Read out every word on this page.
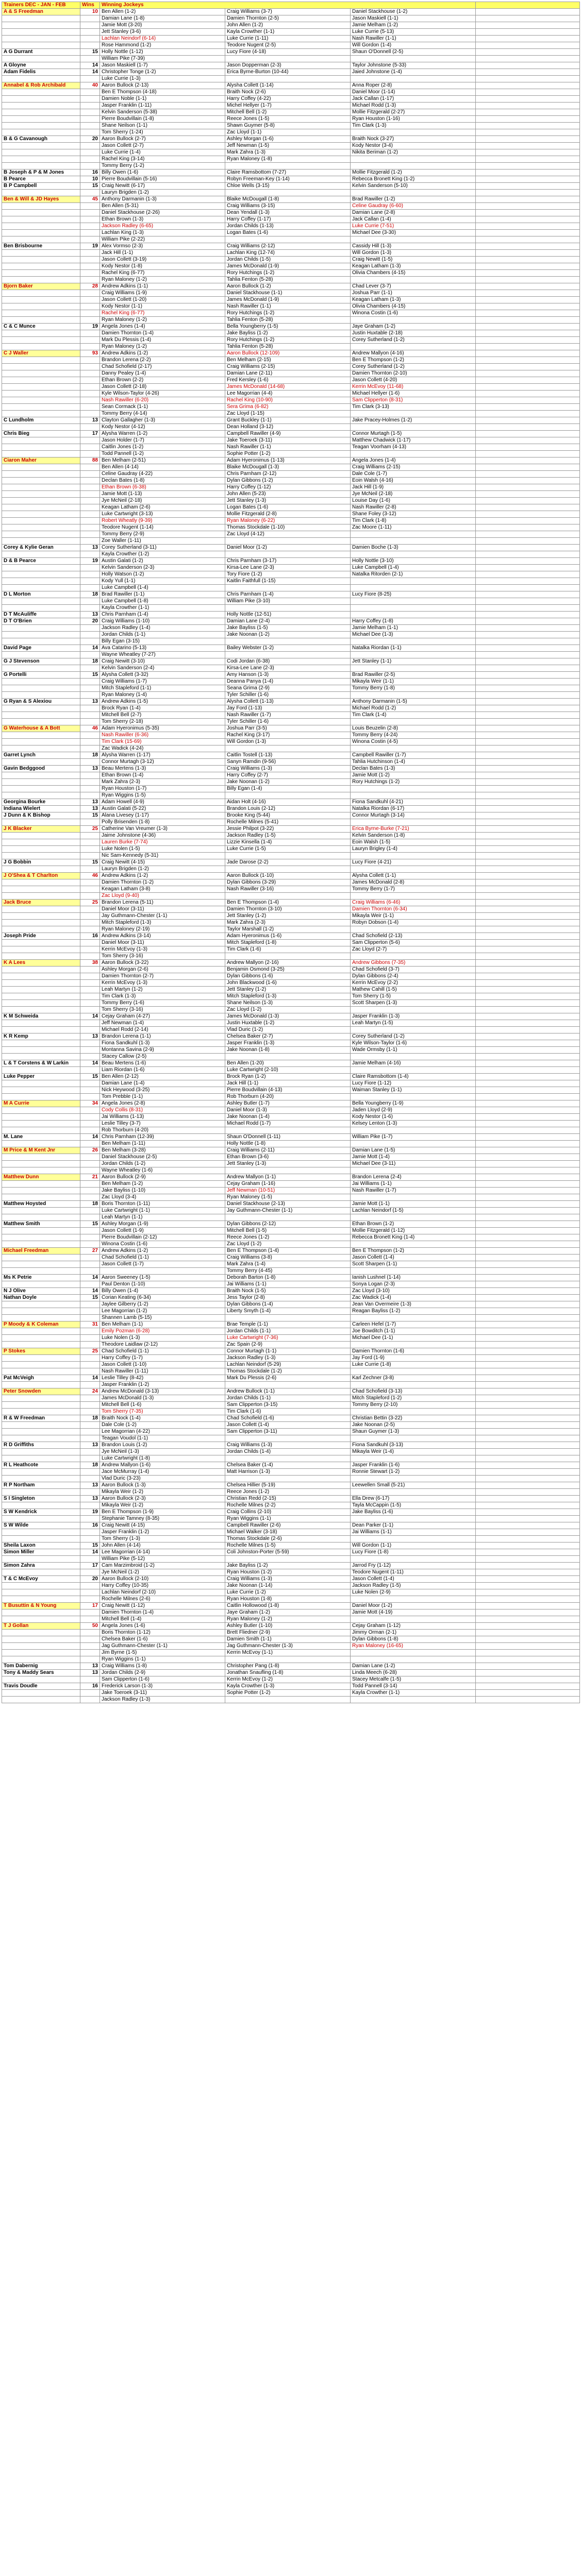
Trainers DEC - JAN - FEB	Wins	Winning Jockeys			
A & S Freedman	10	Ben Allen (1-2)	Craig Williams (3-7)	Daniel Stackhouse (1-2)	
		Damian Lane (1-8)	Damien Thornton (2-5)	Jason Maskiell (1-1)	
		Jamie Mott (3-20)	John Allen (1-2)	Jamie Melham (1-2)	
		Jett Stanley (3-6)	Kayla Crowther (1-1)	Luke Currie (5-13)	
		Lachlan Neindorf (6-14)	Luke Currie (1-11)	Nash Rawiller (1-1)	
		Rose Hammond (1-2)	Teodore Nugent (2-5)	Will Gordon (1-4)	
A G Durrant	15	Holly Nottle (1-12)	Lucy Fiore (4-18)	Shaun O'Donnell (2-5)	
		William Pike (7-39)			
A Gloyne	14	Jason Maskiell (1-7)	Jason Dopperman (2-3)	Taylor Johnstone (5-33)	
Adam Fidelis	14	Christopher Tonge (1-2)	Erica Byrne-Burton (10-44)	Jaied Johnstone (1-4)	
		Luke Currie (1-3)			
Annabel & Rob Archibald	40	Aaron Bullock (2-13)	Alysha Collett (1-14)	Anna Roper (2-8)	
		Ben E Thompson (4-18)	Braith Nock (2-6)	Daniel Moor (1-14)	
		Damien Noble (1-1)	Harry Coffey (4-22)	Jack Callan (1-17)	
		Jasper Franklin (1-11)	Michel Hellyer (1-7)	Michael Rodd (1-3)	
		Kelvin Sanderson (5-38)	Mitchell Bell (1-2)	Mollie Fitzgerald (2-27)	
		Pierre Boudvillain (1-8)	Reece Jones (1-5)	Ryan Houston (1-16)	
		Shane Neilson (1-1)	Shawn Guymer (5-8)	Tim Clark (1-3)	
		Tom Sherry (1-24)	Zac Lloyd (1-1)		
B & G Cavanough	20	Aaron Bullock (2-7)	Ashley Morgan (1-6)	Braith Nock (3-27)	
		Jason Collett (2-7)	Jeff Newman (1-5)	Kody Nestor (3-4)	
		Luke Currie (1-4)	Mark Zahra (1-3)	Nikita Beriman (1-2)	
		Rachel King (3-14)	Ryan Maloney (1-8)		
		Tommy Berry (1-2)			
B Joseph & P & M Jones	16	Billy Owen (1-6)	Claire Ramsbottom (7-27)	Mollie Fitzgerald (1-2)	
B Pearce	10	Pierre Boudvillain (5-16)	Robyn Freeman-Key (1-14)	Rebecca Bronett King (1-2)	
B P Campbell	15	Craig Newitt (6-17)	Chloe Wells (3-15)	Kelvin Sanderson (5-10)	
		Lauryn Brigden (1-2)			
Ben & Will & JD Hayes	45	Anthony Darmanin (1-3)	Blaike McDougall (1-8)	Brad Rawiller (1-2)	
		Ben Allen (5-31)	Craig Williams (3-15)	Celine Gaudray (6-60)	
		Daniel Stackhouse (2-26)	Dean Yendall (1-3)	Damian Lane (2-8)	
		Ethan Brown (1-3)	Harry Coffey (1-17)	Jack Callan (1-4)	
		Jackson Radley (6-65)	Jordan Childs (1-13)	Luke Currie (7-51)	
		Lachlan King (1-3)	Logan Bates (1-6)	Michael Dee (3-30)	
		William Pike (2-22)			
Ben Brisbourne	19	Alex Vormso (2-3)	Craig Williams (2-12)	Cassidy Hill (1-3)	
		Jack Hill (1-1)	Lachlan King (12-74)	Will Gordon (1-3)	
		Jason Collett (3-19)	Jordan Childs (1-5)	Craig Newitt (1-5)	
		Kody Nestor (1-8)	James McDonald (1-9)	Keagan Latham (1-3)	
		Rachel King (6-77)	Rory Hutchings (1-2)	Olivia Chambers (4-15)	
		Ryan Maloney (1-2)	Tahlia Fenton (5-28)		
Bjorn Baker	28	Andrew Adkins (1-1)	Aaron Bullock (1-2)	Chad Lever (3-7)	
		Craig Williams (1-9)	Daniel Stackhouse (1-1)	Joshua Parr (1-1)	
		Jason Collett (1-20)	James McDonald (1-9)	Keagan Latham (1-3)	
		Kody Nestor (1-1)	Nash Rawiller (1-1)	Olivia Chambers (4-15)	
		Rachel King (6-77)	Rory Hutchings (1-2)	Winona Costin (1-6)	
		Ryan Maloney (1-2)	Tahlia Fenton (5-28)		
C & C Munce	19	Angela Jones (1-4)	Bella Youngberry (1-5)	Jaye Graham (1-2)	
		Damien Thornton (1-4)	Jake Bayliss (1-2)	Justin Huxtable (2-18)	
		Mark Du Plessis (1-4)	Rory Hutchings (1-2)	Corey Sutherland (1-2)	
		Ryan Maloney (1-2)	Tahlia Fenton (5-28)		
C J Waller	93	Andrew Adkins (1-2)	Aaron Bullock (12-109)	Andrew Mallyon (4-16)	
		Brandon Lerena (2-2)	Ben Melham (2-15)	Ben E Thompson (1-2)	
		Chad Schofield (2-17)	Craig Williams (2-15)	Corey Sutherland (1-2)	
		Danny Pealey (1-4)	Damian Lane (2-11)	Damien Thornton (2-10)	
		Ethan Brown (2-2)	Fred Kersley (1-6)	Jason Collett (4-20)	
		Jason Collett (2-18)	James McDonald (14-68)	Kerrin McEvoy (11-68)	
		Kyle Wilson-Taylor (4-26)	Lee Magorrian (4-4)	Michael Hellyer (1-6)	
		Nash Rawiller (6-20)	Rachel King (10-90)	Sam Clipperton (8-31)	
		Sean Cormack (1-1)	Sera Grima (6-82)	Tim Clark (3-13)	
		Tommy Berry (4-14)	Zac Lloyd (1-15)		
C Lundholm	13	Clayton Gallagher (1-3)	Grant Buckley (1-1)	Jake Pracey-Holmes (1-2)	
		Kody Nestor (4-12)	Dean Holland (3-12)		
Chris Bieg	17	Alysha Warren (1-2)	Campbell Rawiller (4-9)	Connor Murtagh (1-5)	
		Jason Holder (1-7)	Jake Toeroek (3-11)	Matthew Chadwick (1-17)	
		Caitlin Jones (1-2)	Nash Rawiller (1-1)	Teagan Voorham (4-13)	
		Todd Pannell (1-2)	Sophie Potter (1-2)		
Ciaron Maher	88	Ben Melham (2-51)	Adam Hyeronimus (1-13)	Angela Jones (1-4)	
		Ben Allen (4-14)	Blaike McDougall (1-3)	Craig Williams (2-15)	
		Celine Gaudray (4-22)	Chris Parnham (2-12)	Dale Cole (1-7)	
		Declan Bates (1-8)	Dylan Gibbons (1-2)	Eoin Walsh (4-16)	
		Ethan Brown (6-38)	Harry Coffey (1-12)	Jack Hill (1-9)	
		Jamie Mott (1-13)	John Allen (5-23)	Jye McNeil (2-18)	
		Jye McNeil (2-18)	Jett Stanley (1-3)	Louise Day (1-6)	
		Keagan Latham (2-6)	Logan Bates (1-6)	Nash Rawiller (2-8)	
		Luke Cartwright (3-13)	Mollie Fitzgerald (2-8)	Shane Foley (3-12)	
		Robert Wheatly (9-39)	Ryan Maloney (6-22)	Tim Clark (1-8)	
		Teodore Nugent (1-14)	Thomas Stockdale (1-10)	Zac Moore (1-11)	
		Tommy Berry (2-9)	Zac Lloyd (4-12)		
		Zoe Waller (1-11)			
Corey & Kylie Geran	13	Corey Sutherland (3-11)	Daniel Moor (1-2)	Damien Boche (1-3)	
		Kayla Crowther (1-2)			
D & B Pearce	19	Austin Galati (1-2)	Chris Parnham (3-17)	Holly Nottle (3-10)	
		Kelvin Sanderson (2-3)	Kirsa-Lee Lane (2-3)	Luke Campbell (1-4)	
		Holly Watson (1-2)	Tory Fiore (1-2)	Natalka Ritorden (2-1)	
		Kody Yull (1-1)	Kaitlin Faithfull (1-15)		
		Luke Campbell (1-4)			
D L Morton	18	Brad Rawiller (1-1)	Chris Parnham (1-4)	Lucy Fiore (8-25)	
		Luke Campbell (1-8)	William Pike (3-10)		
		Kayla Crowther (1-1)			
D T McAuliffe	13	Chris Parnham (1-4)	Holly Nottle (12-51)		
D T O'Brien	20	Craig Williams (1-10)	Damian Lane (2-4)	Harry Coffey (1-8)	
		Jackson Radley (1-4)	Jake Bayliss (1-5)	Jamie Melham (1-1)	
		Jordan Childs (1-1)	Jake Noonan (1-2)	Michael Dee (1-3)	
		Billy Egan (3-15)			
David Page	14	Ava Catarino (5-13)	Bailey Webster (1-2)	Natalka Riordan (1-1)	
		Wayne Wheatley (7-27)			
G J Stevenson	18	Craig Newitt (3-10)	Codi Jordan (6-38)	Jett Stanley (1-1)	
		Kelvin Sanderson (2-4)	Kirsa-Lee Lane (2-3)		
G Portelli	15	Alysha Collett (3-32)	Amy Hanson (1-3)	Brad Rawiller (2-5)	
		Craig Williams (1-7)	Deanna Panya (1-4)	Mikayla Weir (1-1)	
		Mitch Stapleford (1-1)	Seana Grima (2-9)	Tommy Berry (1-8)	
		Ryan Maloney (1-4)	Tyler Schiller (1-6)		
G Ryan & S Alexiou	13	Andrew Adkins (1-5)	Alysha Collett (1-13)	Anthony Darmanin (1-5)	
		Brock Ryan (1-4)	Jay Ford (1-13)	Michael Rodd (1-2)	
		Mitchell Bell (2-7)	Nash Rawiller (1-7)	Tim Clark (1-4)	
		Tom Sherry (2-18)	Tyler Schiller (1-6)		
G Waterhouse & A Bott	46	Adam Hyeronimus (5-35)	Joshua Parr (3-5)	Louis Beuzelin (2-8)	
		Nash Rawiller (6-36)	Rachel King (3-17)	Tommy Berry (4-24)	
		Tim Clark (15-69)	Will Gordon (1-3)	Winona Costin (4-5)	
		Zac Wadick (4-24)			
Garret Lynch	18	Alysha Warren (1-17)	Caitlin Tostell (1-13)	Campbell Rawiller (1-7)	
		Connor Murtagh (3-12)	Sanyn Ramdin (9-56)	Tahlia Hutchinson (1-4)	
Gavin Bedggood	13	Beau Mertens (1-3)	Craig Williams (1-3)	Declan Bates (1-3)	
		Ethan Brown (1-4)	Harry Coffey (2-7)	Jamie Mott (1-2)	
		Mark Zahra (2-3)	Jake Noonan (1-2)	Rory Hutchings (1-2)	
		Ryan Houston (1-7)	Billy Egan (1-4)		
		Ryan Wiggins (1-5)			
Georgina Bourke	13	Adam Howell (4-9)	Aidan Holt (4-16)	Fiona Sandkuhl (4-21)	
Indiana Wielert	13	Austin Galati (5-22)	Brandon Louis (2-12)	Natalka Riordan (6-17)	
J Dunn & K Bishop	15	Alana Livesey (1-17)	Brooke King (5-44)	Connor Murtagh (3-14)	
		Polly Brisenden (1-8)	Rochelle Milnes (5-41)		
J K Blacker	25	Catherine Van Vreumer (1-3)	Jessie Philpot (3-22)	Erica Byrne-Burke (7-21)	
		Jaime Johnstone (4-36)	Jackson Radley (1-5)	Kelvin Sanderson (1-8)	
		Lauren Burke (7-74)	Lizzie Kinsella (1-4)	Eoin Walsh (1-5)	
		Luke Nolen (1-5)	Luke Currie (1-5)	Lauryn Brigley (1-4)	
		Nic Sam-Kennedy (5-31)			
J G Bobbin	15	Craig Newitt (4-15)	Jade Darose (2-2)	Lucy Fiore (4-21)	
		Lauryn Brigden (1-2)			
J O'Shea & T Charlton	46	Andrew Adkins (1-2)	Aaron Bullock (1-10)	Alysha Collett (1-1)	
		Damien Thornton (1-2)	Dylan Gibbons (3-29)	James McDonald (2-8)	
		Keagan Latham (3-8)	Nash Rawiller (3-16)	Tommy Berry (1-7)	
		Zac Lloyd (9-40)			
Jack Bruce	25	Brandon Lerena (5-11)	Ben E Thompson (1-4)	Craig Williams (6-46)	
		Daniel Moor (3-11)	Damien Thornton (3-10)	Damien Thornton (6-34)	
		Jay Guthmann-Chester (1-1)	Jett Stanley (1-2)	Mikayla Weir (1-1)	
		Mitch Stapleford (1-3)	Mark Zahra (2-3)	Robyn Dobson (1-4)	
		Ryan Maloney (2-19)	Taylor Marshall (1-2)		
Joseph Pride	16	Andrew Adkins (3-14)	Adam Hyeronimus (1-6)	Chad Schofield (2-13)	
		Daniel Moor (3-11)	Mitch Stapleford (1-8)	Sam Clipperton (5-6)	
		Kerrin McEvoy (1-3)	Tim Clark (1-6)	Zac Lloyd (2-7)	
		Tom Sherry (3-16)			
K A Lees	38	Aaron Bullock (3-22)	Andrew Mallyon (2-16)	Andrew Gibbons (7-35)	
		Ashley Morgan (2-6)	Benjamin Osmond (3-25)	Chad Schofield (3-7)	
		Damien Thornton (2-7)	Dylan Gibbons (1-6)	Dylan Gibbons (2-4)	
		Kerrin McEvoy (1-3)	John Blackwood (1-6)	Kerrin McEvoy (2-2)	
		Leah Martyn (1-2)	Jett Stanley (1-2)	Mathew Cahill (1-5)	
		Tim Clark (1-3)	Mitch Stapleford (1-3)	Tom Sherry (1-5)	
		Tommy Berry (1-6)	Shane Neilson (1-3)	Scott Sharpen (1-3)	
		Tom Sherry (3-16)	Zac Lloyd (1-2)		
K M Schweida	14	Cejay Graham (4-27)	James McDonald (1-3)	Jasper Franklin (1-3)	
		Jeff Newman (1-4)	Justin Huxtable (1-2)	Leah Martyn (1-5)	
		Michael Rodd (2-14)	Vlad Duric (1-2)		
K R Kemp	13	Brandon Lerena (1-1)	Chelsea Baker (2-7)	Corey Sutherland (1-2)	
		Fiona Sandkuhl (1-3)	Jasper Franklin (1-3)	Kyle Wilson-Taylor (1-6)	
		Montanna Savina (2-9)	Jake Noonan (1-8)	Wade Ormsby (1-1)	
		Stacey Callow (2-5)			
L & T Corstens & W Larkin	14	Beau Mertens (1-6)	Ben Allen (1-20)	Jamie Melham (4-16)	
		Liam Riordan (1-6)	Luke Cartwright (2-10)		
Luke Pepper	15	Ben Allen (2-12)	Brock Ryan (1-2)	Claire Ramsbottom (1-4)	
		Damian Lane (1-4)	Jack Hill (1-1)	Lucy Fiore (1-12)	
		Nick Heywood (3-25)	Pierre Boudvillain (4-13)	Waiman Stanley (1-1)	
		Tom Prebble (1-1)	Rob Thorburn (4-20)		
M A Currie	34	Angela Jones (2-8)	Ashley Butler (1-7)	Bella Youngberry (1-9)	
		Cody Collis (8-31)	Daniel Moor (1-3)	Jaden Lloyd (2-9)	
		Jai Williams (1-13)	Jake Noonan (1-4)	Kody Nestor (1-6)	
		Leslie Tilley (3-7)	Michael Rodd (1-7)	Kelsey Lenton (1-3)	
		Rob Thorburn (4-20)			
M. Lane	14	Chris Parnham (12-39)	Shaun O'Donnell (1-11)	William Pike (1-7)	
		Ben Melham (1-11)	Holly Nottle (1-8)		
M Price & M Kent Jnr	26	Ben Melham (3-28)	Craig Williams (2-11)	Damian Lane (1-5)	
		Daniel Stackhouse (2-5)	Ethan Brown (3-6)	Jamie Mott (1-4)	
		Jordan Childs (1-2)	Jett Stanley (1-3)	Michael Dee (3-11)	
		Wayne Wheatley (1-6)			
Matthew Dunn	21	Aaron Bullock (2-9)	Andrew Mallyon (1-1)	Brandon Lerena (2-4)	
		Ben Melham (1-2)	Cejay Graham (1-16)	Jai Williams (1-1)	
		Jake Bayliss (1-10)	Jeff Newman (10-51)	Nash Rawiller (1-7)	
		Zac Lloyd (3-4)	Ryan Maloney (1-5)		
Matthew Hoysted	18	Boris Thornton (1-11)	Daniel Stackhouse (2-13)	Jamie Mott (1-1)	
		Luke Cartwright (1-1)	Jay Guthmann-Chester (1-1)	Lachlan Neindorf (1-5)	
		Leah Martyn (1-1)			
Matthew Smith	15	Ashley Morgan (1-9)	Dylan Gibbons (2-12)	Ethan Brown (1-2)	
		Jason Collett (1-9)	Mitchell Bell (1-5)	Mollie Fitzgerald (1-12)	
		Pierre Boudvillain (2-12)	Reece Jones (1-2)	Rebecca Bronett King (1-4)	
		Winona Costin (1-6)	Zac Lloyd (1-2)		
Michael Freedman	27	Andrew Adkins (1-2)	Ben E Thompson (1-4)	Ben E Thompson (1-2)	
		Chad Schofield (1-1)	Craig Williams (3-8)	Jason Collett (1-4)	
		Jason Collett (1-7)	Mark Zahra (1-4)	Scott Sharpen (1-1)	
			Tommy Berry (4-45)		
Ms K Petrie	14	Aaron Sweeney (1-5)	Deborah Barton (1-8)	Ianish Lushnel (1-14)	
		Paul Denton (1-10)	Jai Williams (1-1)	Sonya Logan (2-3)	
N J Olive	14	Billy Owen (1-4)	Braith Nock (1-5)	Zac Lloyd (3-10)	
Nathan Doyle	15	Corian Keating (6-34)	Jess Taylor (2-8)	Zac Wadick (1-4)	
		Jaylee Gilberry (1-2)	Dylan Gibbons (1-4)	Jean Van Overmeire (1-3)	
		Lee Magorrian (1-2)	Liberty Smyth (1-4)	Reagan Bayliss (1-2)	
		Shannen Lamb (5-15)			
P Moody & K Coleman	31	Ben Melham (1-1)	Brae Temple (1-1)	Carleen Hefel (1-7)	
		Emily Pozman (6-28)	Jordan Childs (1-1)	Joe Bowditch (1-1)	
		Luke Nolen (1-3)	Luke Cartwright (7-36)	Michael Dee (1-1)	
		Theodore Laidlaw (2-12)	Zac Spain (2-9)		
P Stokes	25	Chad Schofield (1-1)	Connor Murtagh (1-1)	Damien Thornton (1-6)	
		Harry Coffey (1-7)	Jackson Radley (1-3)	Jay Ford (1-9)	
		Jason Collett (1-10)	Lachlan Neindorf (5-29)	Luke Currie (1-8)	
		Nash Rawiller (1-11)	Thomas Stockdale (1-2)		
Pat McVeigh	14	Leslie Tilley (8-42)	Mark Du Plessis (2-6)	Karl Zechner (3-8)	
		Jasper Franklin (1-2)			
Peter Snowden	24	Andrew McDonald (3-13)	Andrew Bullock (1-1)	Chad Schofield (3-13)	
		James McDonald (1-3)	Jordan Childs (1-1)	Mitch Stapleford (1-2)	
		Mitchell Bell (1-6)	Sam Clipperton (3-15)	Tommy Berry (2-10)	
		Tom Sherry (7-35)	Tim Clark (1-6)		
R & W Freedman	18	Braith Nock (1-4)	Chad Schofield (1-6)	Christian Bettin (3-22)	
		Dale Cole (1-2)	Jason Collett (1-4)	Jake Noonan (2-5)	
		Lee Magorrian (4-22)	Sam Clipperton (3-11)	Shaun Guymer (1-3)	
		Teagan Voudol (1-1)			
R D Griffiths	13	Brandon Louis (1-2)	Craig Williams (1-3)	Fiona Sandkuhl (3-13)	
		Jye McNeil (1-3)	Jordan Childs (1-4)	Mikayla Weir (1-4)	
		Luke Cartwright (1-8)			
R L Heathcote	18	Andrew Mallyon (1-6)	Chelsea Baker (1-4)	Jasper Franklin (1-6)	
		Jace McMurray (1-4)	Matt Harrison (1-3)	Ronnie Stewart (1-2)	
		Vlad Duric (3-23)			
R P Northam	13	Aaron Bullock (1-3)	Chelsea Hillier (5-19)	Leewellen Small (5-21)	
		Mikayla Weir (1-2)	Reece Jones (1-2)		
S I Singleton	13	Aaron Bullock (2-3)	Christian Redd (2-15)	Ella Drew (6-17)	
		Mikayla Weir (1-2)	Rochelle Milnes (2-2)	Tayla McCappin (1-5)	
S W Kendrick	19	Ben E Thompson (1-9)	Craig Collins (2-10)	Jake Bayliss (1-6)	
		Stephanie Tamney (8-35)	Ryan Wiggins (1-1)		
S W Wilde	16	Craig Newitt (4-15)	Campbell Rawiller (2-6)	Dean Parker (1-1)	
		Jasper Franklin (1-2)	Michael Walker (3-18)	Jai Williams (1-1)	
		Tom Sherry (1-3)	Thomas Stockdale (2-6)		
Sheila Laxon	15	John Allen (4-14)	Rochelle Milnes (1-5)	Will Gordon (1-1)	
Simon Miller	14	Lee Magorrian (4-14)	Coli Johnston-Porter (5-59)	Lucy Fiore (1-8)	
		William Pike (5-12)			
Simon Zahra	17	Cam Marzimbroid (1-2)	Jake Bayliss (1-2)	Jarrod Fry (1-12)	
		Jye McNeil (1-2)	Ryan Houston (1-2)	Teodore Nugent (1-11)	
T & C McEvoy	20	Aaron Bullock (2-10)	Craig Williams (1-3)	Jason Collett (1-4)	
		Harry Coffey (10-35)	Jake Noonan (1-14)	Jackson Radley (1-5)	
		Lachlan Neindorf (2-10)	Luke Currie (1-2)	Luke Nolen (2-9)	
		Rochelle Milnes (2-6)	Ryan Houston (1-8)		
T Busuttin & N Young	17	Craig Newitt (1-12)	Caitlin Hollowood (1-8)	Daniel Moor (1-2)	
		Damien Thornton (1-4)	Jaye Graham (1-2)	Jamie Mott (4-19)	
		Mitchell Bell (1-4)	Ryan Maloney (1-2)		
T J Gollan	50	Angela Jones (1-6)	Ashley Butler (1-10)	Cejay Graham (1-12)	
		Boris Thornton (1-12)	Brett Fliedner (2-9)	Jimmy Orman (2-1)	
		Chelsea Baker (1-6)	Damien Smith (1-1)	Dylan Gibbons (1-8)	
		Jag Guthmann-Chester (1-1)	Jag Guthmann-Chester (1-3)	Ryan Maloney (16-65)	
		Jim Byrne (1-5)	Kerrin McEvoy (1-1)		
		Ryan Wiggins (1-1)			
Tom Dabernig	13	Craig Williams (1-8)	Christopher Pang (1-8)	Damian Lane (1-2)	
Tony & Maddy Sears	13	Jordan Childs (2-9)	Jonathan Snaufling (1-8)	Linda Meech (6-28)	
		Sam Clipperton (1-6)	Kerrin McEvoy (1-2)	Stacey Metcalfe (1-5)	
Travis Doudle	16	Frederick Larson (1-3)	Kayla Crowther (1-3)	Todd Pannell (3-14)	
		Jake Toeroek (3-11)	Sophie Potter (1-2)	Kayla Crowther (1-1)	
		Jackson Radley (1-3)			
